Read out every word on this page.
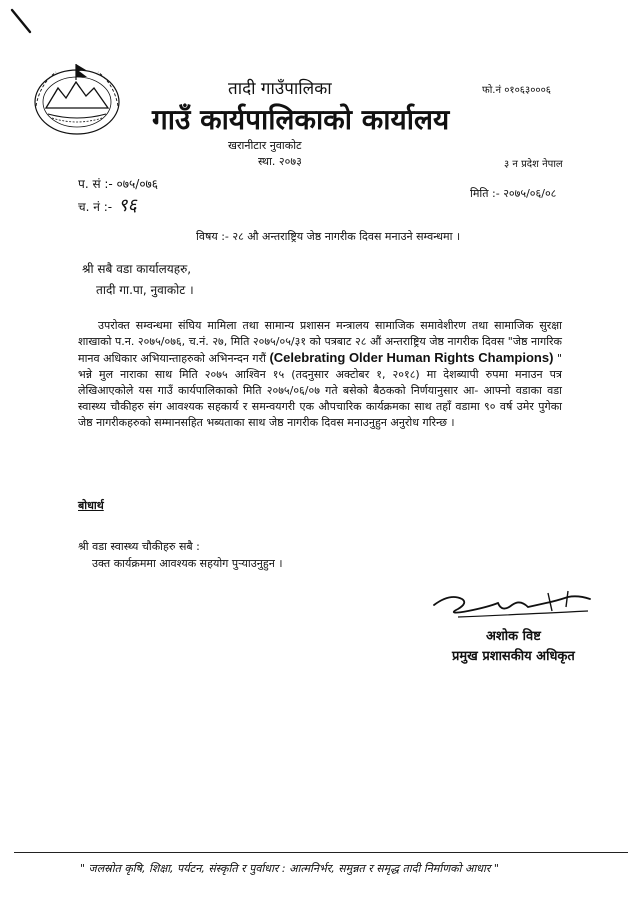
तादी गाउँपालिका
गाउँ कार्यपालिकाको कार्यालय
खरानीटार नुवाकोट
स्था. २०७३
फो.नं ०१०६३०००६
३ न प्रदेश नेपाल
प. सं :- ०७५/०७६
च. नं :- ९६
मिति :- २०७५/०६/०८
विषय :- २८ औ अन्तराष्ट्रिय जेष्ठ नागरीक दिवस मनाउने सम्वन्धमा ।
श्री सबै वडा कार्यालयहरु,
तादी गा.पा, नुवाकोट ।
उपरोक्त सम्वन्धमा संघिय मामिला तथा सामान्य प्रशासन मन्त्रालय सामाजिक समावेशीरण तथा सामाजिक सुरक्षा शाखाको प.न. २०७५/०७६, च.नं. २७, मिति २०७५/०५/३१ को पत्रबाट २८ औं अन्तराष्ट्रिय जेष्ठ नागरीक दिवस "जेष्ठ नागरिक मानव अधिकार अभियान्ताहरुको अभिनन्दन गरौं (Celebrating Older Human Rights Champions) " भन्ने मुल नाराका साथ मिति २०७५ आश्विन १५ (तदनुसार अक्टोबर १, २०१८) मा देशब्यापी रुपमा मनाउन पत्र लेखिआएकोले यस गाउँ कार्यपालिकाको मिति २०७५/०६/०७ गते बसेको बैठकको निर्णयानुसार आ- आफ्नो वडाका वडा स्वास्थ्य चौकीहरु संग आवश्यक सहकार्य र समन्वयगरी एक औपचारिक कार्यक्रमका साथ तहाँ वडामा ९० वर्ष उमेर पुगेका जेष्ठ नागरीकहरुको सम्मानसहित भब्यताका साथ जेष्ठ नागरीक दिवस मनाउनुहुन अनुरोध गरिन्छ ।
बोधार्थ
श्री वडा स्वास्थ्य चौकीहरु सबै :
उक्त कार्यक्रममा आवश्यक सहयोग पुऱ्याउनुहुन ।
अशोक विष्ट
प्रमुख प्रशासकीय अधिकृत
" जलस्रोत कृषि, शिक्षा, पर्यटन, संस्कृति र पुर्वाधार : आत्मनिर्भर, समुन्नत र समृद्ध तादी निर्माणको आधार "
